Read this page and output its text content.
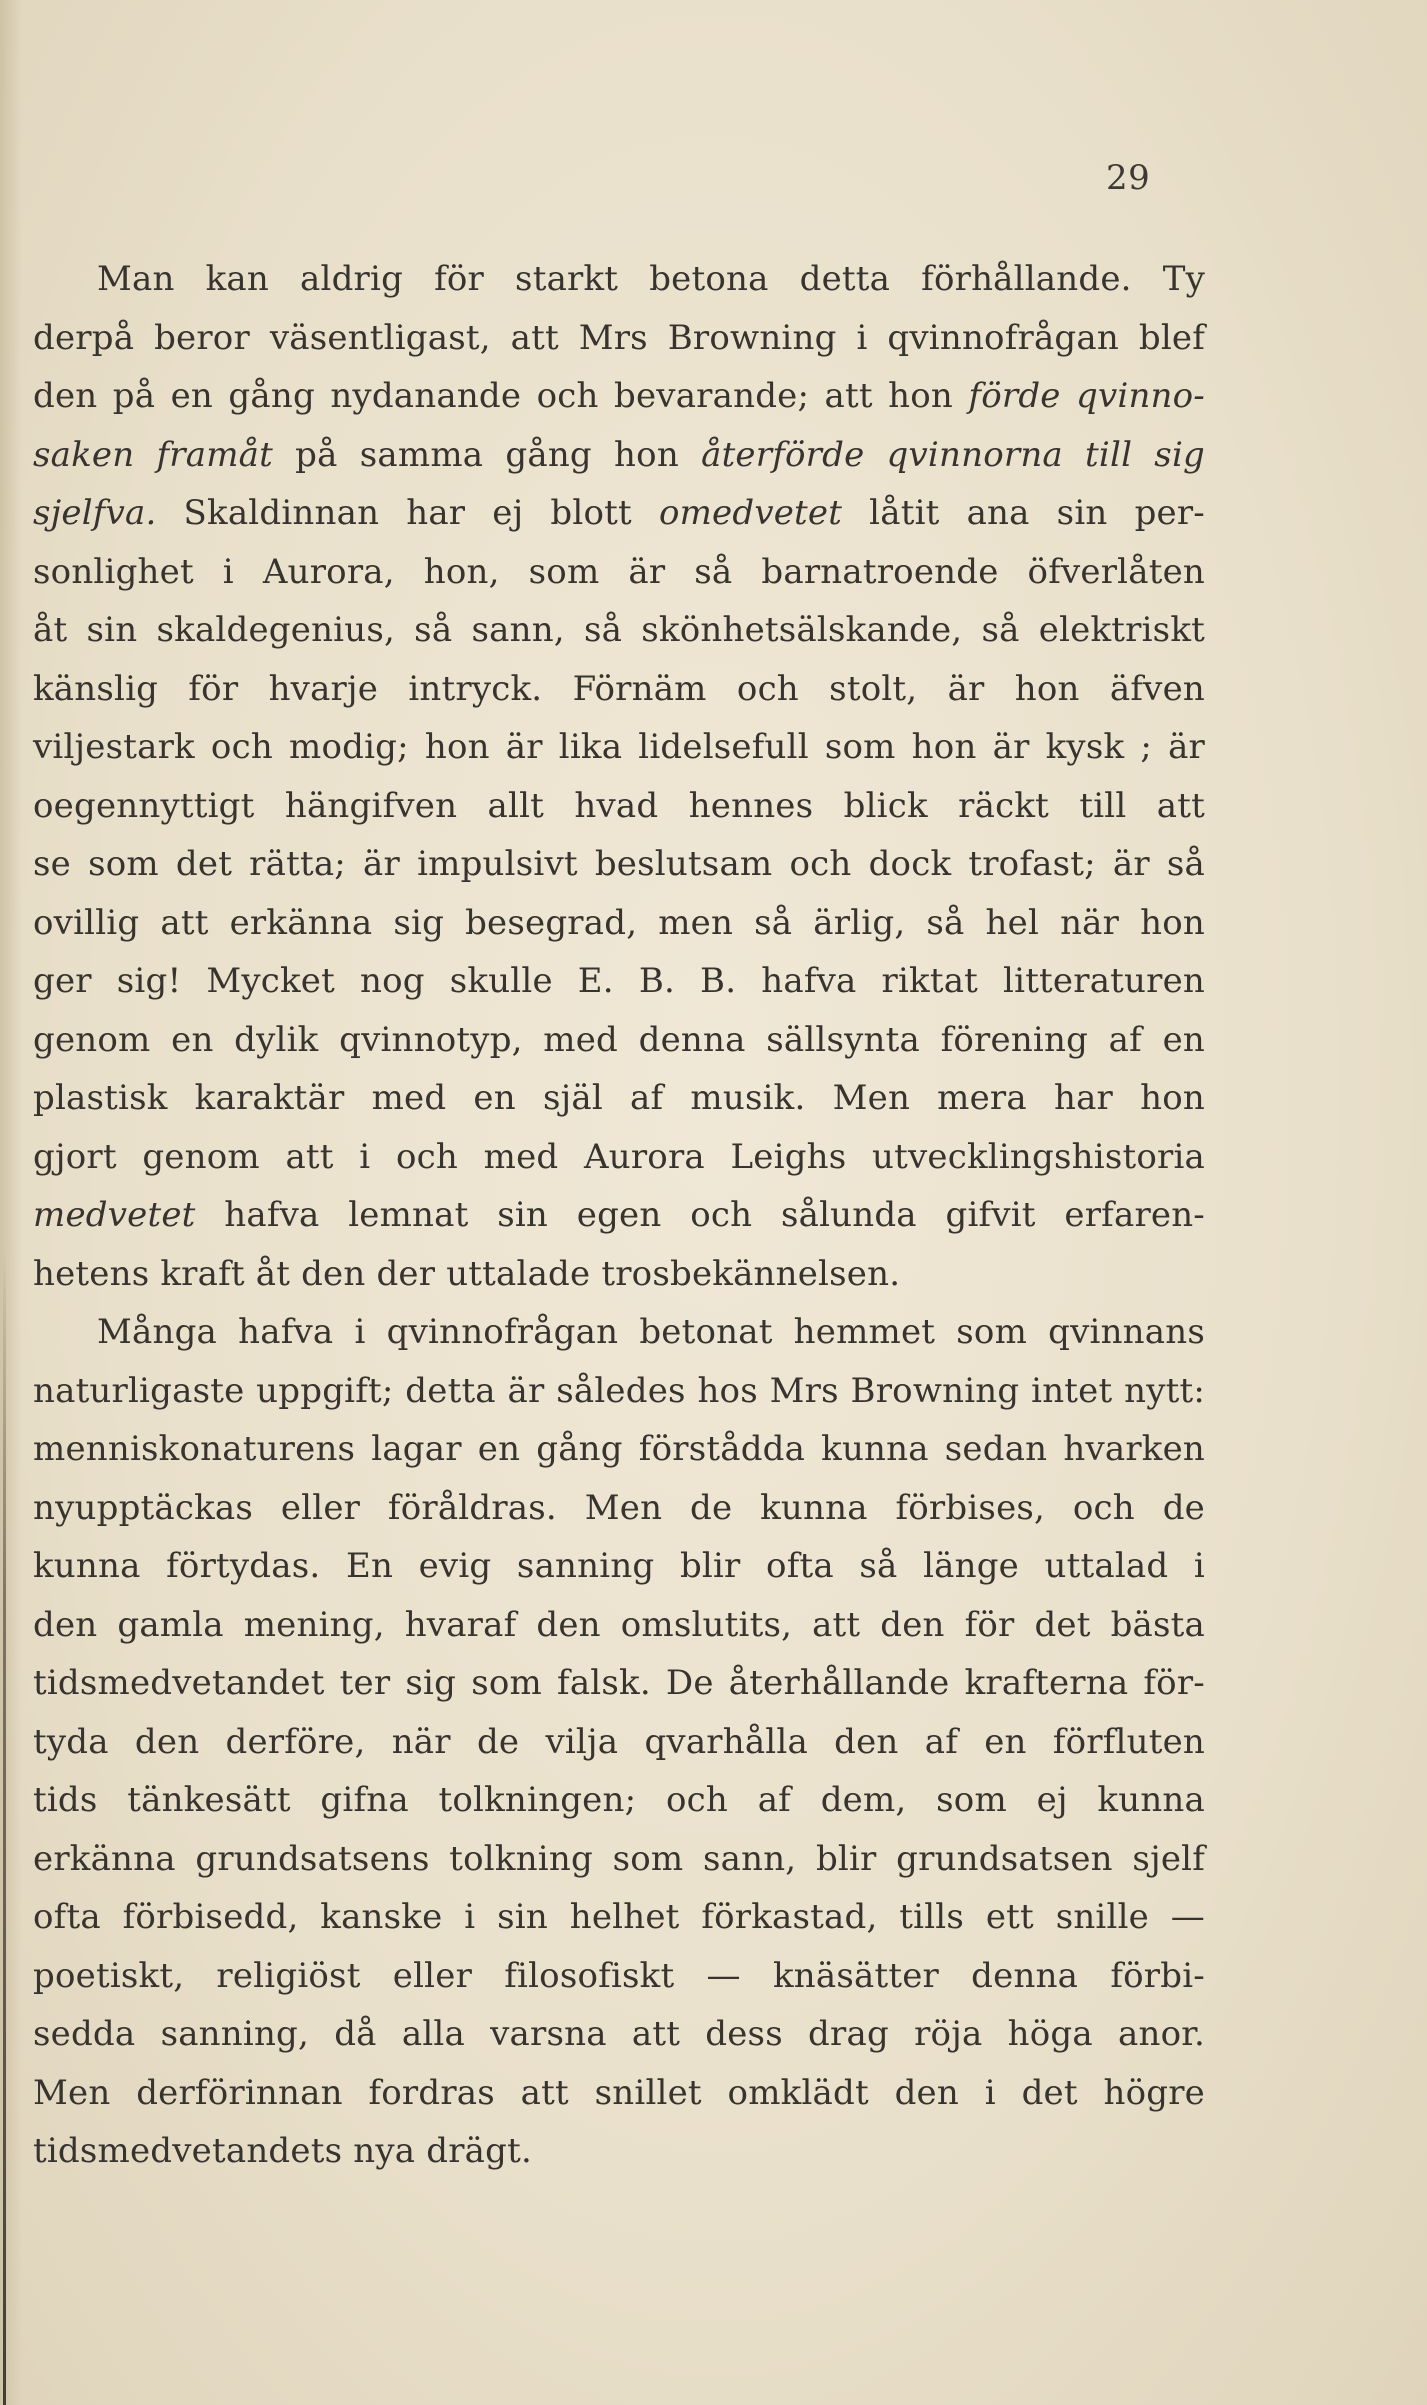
29
Man kan aldrig för starkt betona detta förhållande. Ty
derpå beror väsentligast, att Mrs Browning i qvinnofrågan blef
den på en gång nydanande och bevarande; att hon förde qvinno-
saken framåt på samma gång hon återförde qvinnorna till sig
sjelfva. Skaldinnan har ej blott omedvetet låtit ana sin per-
sonlighet i Aurora, hon, som är så barnatroende öfverlåten
åt sin skaldegenius, så sann, så skönhetsälskande, så elektriskt
känslig för hvarje intryck. Förnäm och stolt, är hon äfven
viljestark och modig; hon är lika lidelsefull som hon är kysk ; är
oegennyttigt hängifven allt hvad hennes blick räckt till att
se som det rätta; är impulsivt beslutsam och dock trofast; är så
ovillig att erkänna sig besegrad, men så ärlig, så hel när hon
ger sig! Mycket nog skulle E. B. B. hafva riktat litteraturen
genom en dylik qvinnotyp, med denna sällsynta förening af en
plastisk karaktär med en själ af musik. Men mera har hon
gjort genom att i och med Aurora Leighs utvecklingshistoria
medvetet hafva lemnat sin egen och sålunda gifvit erfaren-
hetens kraft åt den der uttalade trosbekännelsen.
Många hafva i qvinnofrågan betonat hemmet som qvinnans
naturligaste uppgift; detta är således hos Mrs Browning intet nytt:
menniskonaturens lagar en gång förstådda kunna sedan hvarken
nyupptäckas eller föråldras. Men de kunna förbises, och de
kunna förtydas. En evig sanning blir ofta så länge uttalad i
den gamla mening, hvaraf den omslutits, att den för det bästa
tidsmedvetandet ter sig som falsk. De återhållande krafterna för-
tyda den derföre, när de vilja qvarhålla den af en förfluten
tids tänkesätt gifna tolkningen; och af dem, som ej kunna
erkänna grundsatsens tolkning som sann, blir grundsatsen sjelf
ofta förbisedd, kanske i sin helhet förkastad, tills ett snille —
poetiskt, religiöst eller filosofiskt — knäsätter denna förbi-
sedda sanning, då alla varsna att dess drag röja höga anor.
Men derförinnan fordras att snillet omklädt den i det högre
tidsmedvetandets nya drägt.
